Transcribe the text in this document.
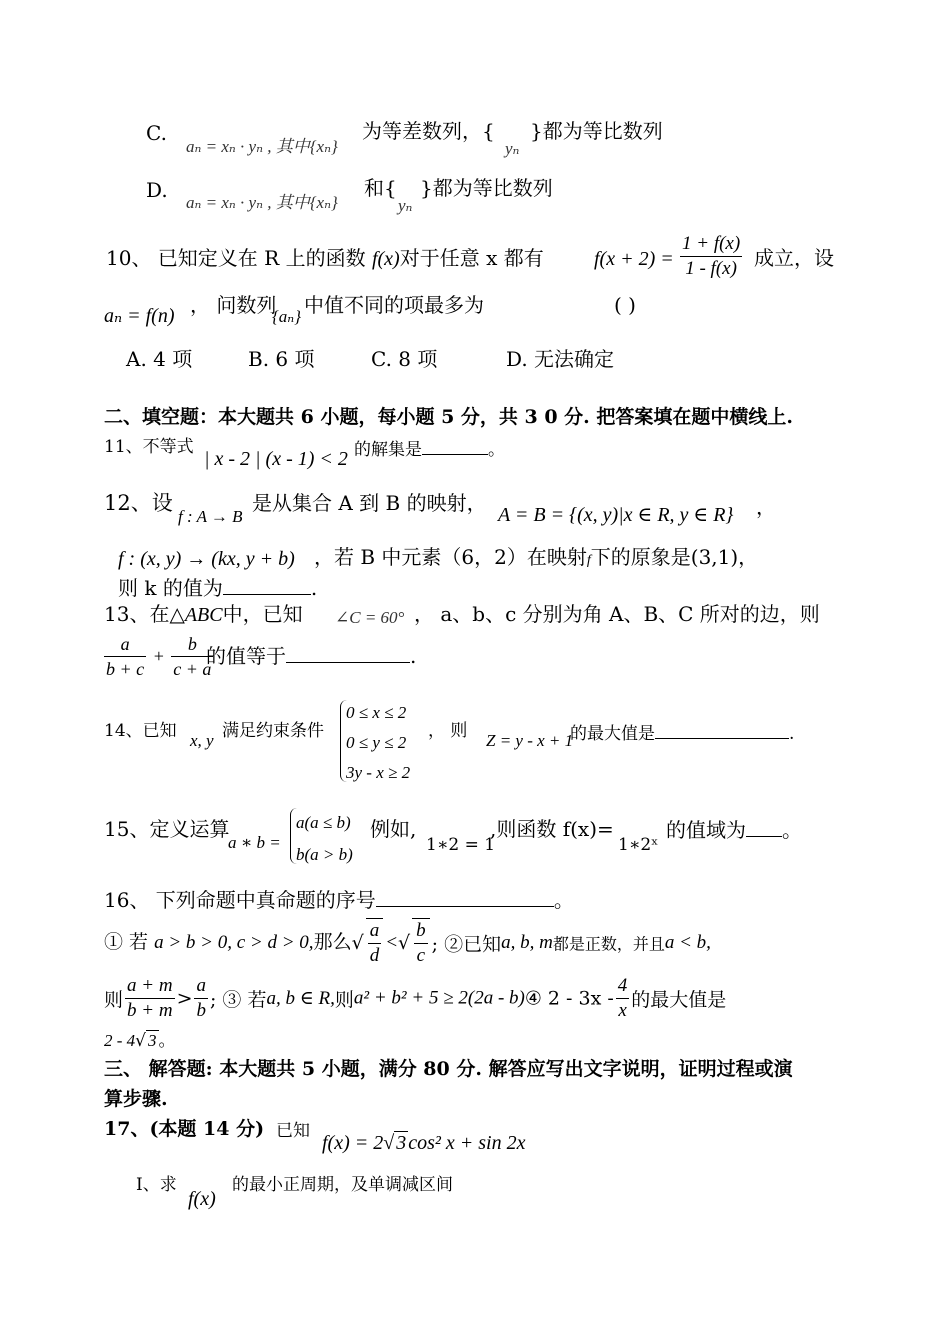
C.
aₙ = xₙ · yₙ , 其中{xₙ}
为等差数列，{
yₙ
}都为等比数列
D.
aₙ = xₙ · yₙ , 其中{xₙ}
和{
yₙ
}都为等比数列
10、 已知定义在 R 上的函数 f(x)对于任意 x 都有	$f(x + 2) = \frac{1 + f(x)}{1 - f(x)}$ 成立，设
aₙ = f(n) ， 问数列
{aₙ} 中值不同的项最多为	( )
A. 4 项	B. 6 项	C. 8 项	D. 无法确定
二、填空题：本大题共 6 小题，每小题 5 分，共 3 0 分. 把答案填在题中横线上.
11、不等式
| x - 2 | (x - 1) < 2 的解集是	。
12、设
f : A → B
是从集合 A 到 B 的映射， A = B = {(x, y)|x ∈ R, y ∈ R} ，
f : (x, y) → (kx, y + b) ，若 B 中元素（6，2）在映射f下的原象是(3,1)，
则 k 的值为	.
13、在△ABC中，已知 ∠C = 60° ， a、b、c 分别为角 A、B、C 所对的边，则
$\frac{a}{b + c} + \frac{b}{c + a}$
的值等于	.
14、已知 x, y 满足约束条件
0 ≤ x ≤ 2
0 ≤ y ≤ 2
3y - x ≥ 2
， 则 Z = y - x + 1
的最大值是	.
15、定义运算
a ∗ b =
a(a ≤ b)
b(a > b)
例如,
1∗2 = 1
,则函数 f(x)=
1∗2ˣ
的值域为 。
16、 下列命题中真命题的序号	。
① 若 a > b > 0, c > d > 0,那么√ $\frac{a}{d}$ <√ $\frac{b}{c}$ ; ②已知a, b, m都是正数，并且a < b,
则 $\frac{a + m}{b + m} > \frac{a}{b}$ ; ③ 若a, b ∈ R,则a² + b² + 5 ≥ 2(2a - b)④ $2 - 3x - \frac{4}{x}$ 的最大值是
2 - 4√ 3 。
三、 解答题: 本大题共 5 小题，满分 80 分. 解答应写出文字说明，证明过程或演
算步骤.
17、(本题 14 分) 已知
f(x) = 2√ 3 cos² x + sin 2x
I、求
f(x)
的最小正周期，及单调减区间
